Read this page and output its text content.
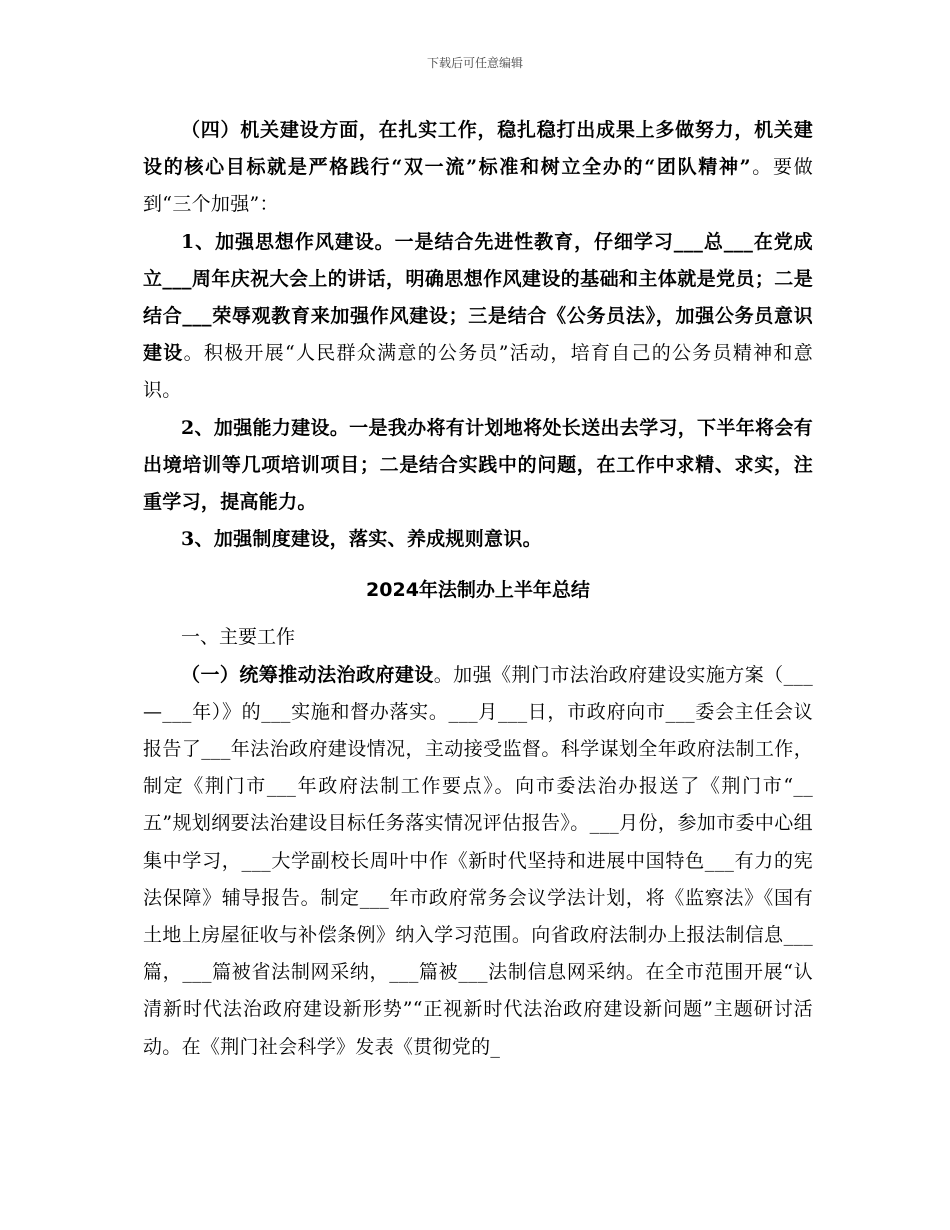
下载后可任意编辑

（四）机关建设方面，在扎实工作，稳扎稳打出成果上多做努力，机关建设的核心目标就是严格践行“双一流”标准和树立全办的“团队精神”。要做到“三个加强”：

1、加强思想作风建设。一是结合先进性教育，仔细学习___总___在党成立___周年庆祝大会上的讲话，明确思想作风建设的基础和主体就是党员；二是结合___荣辱观教育来加强作风建设；三是结合《公务员法》，加强公务员意识建设。积极开展“人民群众满意的公务员”活动，培育自己的公务员精神和意识。

2、加强能力建设。一是我办将有计划地将处长送出去学习，下半年将会有出境培训等几项培训项目；二是结合实践中的问题，在工作中求精、求实，注重学习，提高能力。

3、加强制度建设，落实、养成规则意识。

2024年法制办上半年总结

一、主要工作

（一）统筹推动法治政府建设。加强《荆门市法治政府建设实施方案（___—___年）》的___实施和督办落实。___月___日，市政府向市___委会主任会议报告了___年法治政府建设情况，主动接受监督。科学谋划全年政府法制工作，制定《荆门市___年政府法制工作要点》。向市委法治办报送了《荆门市“__五”规划纲要法治建设目标任务落实情况评估报告》。___月份，参加市委中心组集中学习，___大学副校长周叶中作《新时代坚持和进展中国特色___有力的宪法保障》辅导报告。制定___年市政府常务会议学法计划，将《监察法》《国有土地上房屋征收与补偿条例》纳入学习范围。向省政府法制办上报法制信息___篇，___篇被省法制网采纳，___篇被___法制信息网采纳。在全市范围开展“认清新时代法治政府建设新形势”“正视新时代法治政府建设新问题”主题研讨活动。在《荆门社会科学》发表《贯彻党的_
